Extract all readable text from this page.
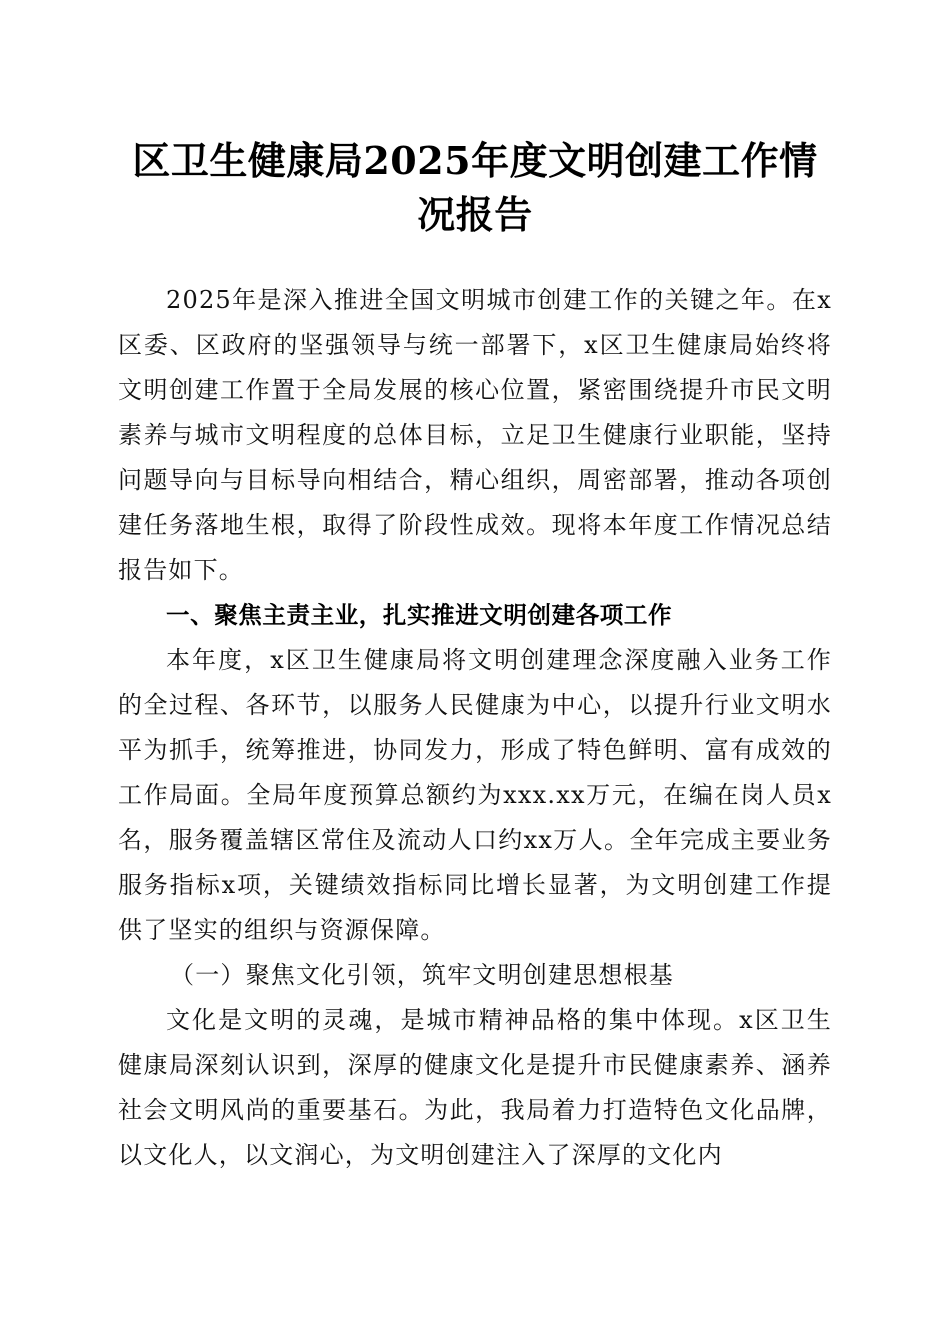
区卫生健康局2025年度文明创建工作情况报告

2025年是深入推进全国文明城市创建工作的关键之年。在x区委、区政府的坚强领导与统一部署下，x区卫生健康局始终将文明创建工作置于全局发展的核心位置，紧密围绕提升市民文明素养与城市文明程度的总体目标，立足卫生健康行业职能，坚持问题导向与目标导向相结合，精心组织，周密部署，推动各项创建任务落地生根，取得了阶段性成效。现将本年度工作情况总结报告如下。

一、聚焦主责主业，扎实推进文明创建各项工作

本年度，x区卫生健康局将文明创建理念深度融入业务工作的全过程、各环节，以服务人民健康为中心，以提升行业文明水平为抓手，统筹推进，协同发力，形成了特色鲜明、富有成效的工作局面。全局年度预算总额约为xxx.xx万元，在编在岗人员x名，服务覆盖辖区常住及流动人口约xx万人。全年完成主要业务服务指标x项，关键绩效指标同比增长显著，为文明创建工作提供了坚实的组织与资源保障。

（一）聚焦文化引领，筑牢文明创建思想根基

文化是文明的灵魂，是城市精神品格的集中体现。x区卫生健康局深刻认识到，深厚的健康文化是提升市民健康素养、涵养社会文明风尚的重要基石。为此，我局着力打造特色文化品牌，以文化人，以文润心，为文明创建注入了深厚的文化内
